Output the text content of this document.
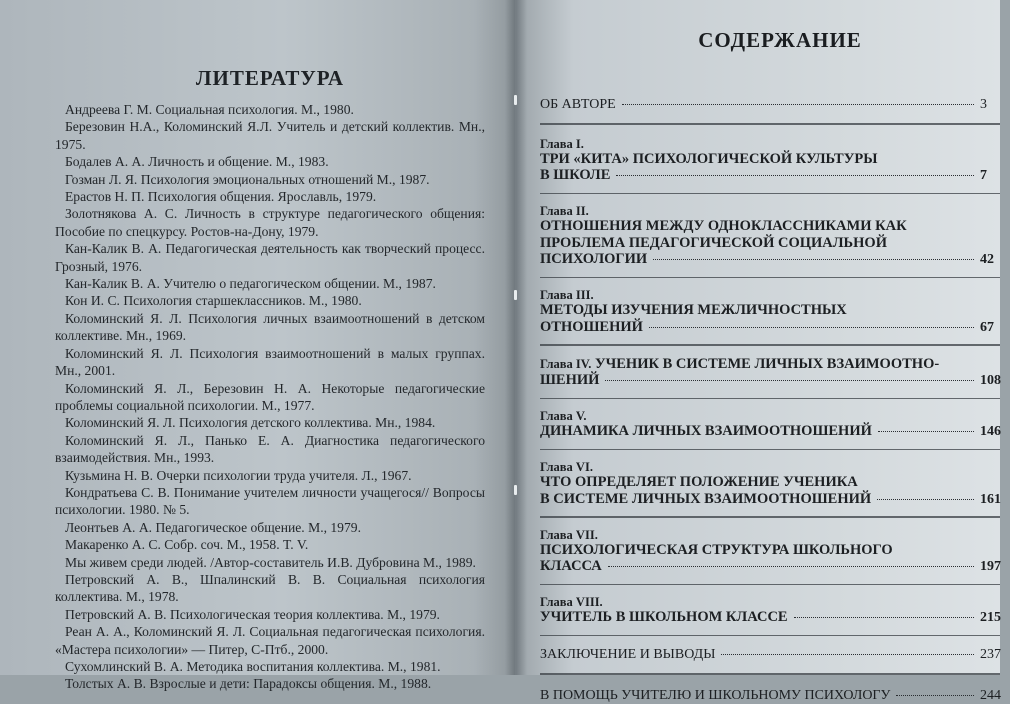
ЛИТЕРАТУРА

Андреева Г. М. Социальная психология. М., 1980.

Березовин Н.А., Коломинский Я.Л. Учитель и детский коллектив. Мн., 1975.

Бодалев А. А. Личность и общение. М., 1983.

Гозман Л. Я. Психология эмоциональных отношений М., 1987.

Ерастов Н. П. Психология общения. Ярославль, 1979.

Золотнякова А. С. Личность в структуре педагогического общения: Пособие по спецкурсу. Ростов-на-Дону, 1979.

Кан-Калик В. А. Педагогическая деятельность как творческий процесс. Грозный, 1976.

Кан-Калик В. А. Учителю о педагогическом общении. М., 1987.

Кон И. С. Психология старшеклассников. М., 1980.

Коломинский Я. Л. Психология личных взаимоотношений в детском коллективе. Мн., 1969.

Коломинский Я. Л. Психология взаимоотношений в малых группах. Мн., 2001.

Коломинский Я. Л., Березовин Н. А. Некоторые педагогические проблемы социальной психологии. М., 1977.

Коломинский Я. Л. Психология детского коллектива. Мн., 1984.

Коломинский Я. Л., Панько Е. А. Диагностика педагогического взаимодействия. Мн., 1993.

Кузьмина Н. В. Очерки психологии труда учителя. Л., 1967.

Кондратьева С. В. Понимание учителем личности учащегося// Вопросы психологии. 1980. № 5.

Леонтьев А. А. Педагогическое общение. М., 1979.

Макаренко А. С. Собр. соч. М., 1958. T. V.

Мы живем среди людей. /Автор-составитель И.В. Дубровина М., 1989.

Петровский А. В., Шпалинский В. В. Социальная психология коллектива. М., 1978.

Петровский А. В. Психологическая теория коллектива. М., 1979.

Реан А. А., Коломинский Я. Л. Социальная педагогическая психология. «Мастера психологии» — Питер, С-Птб., 2000.

Сухомлинский В. А. Методика воспитания коллектива. М., 1981.

Толстых А. В. Взрослые и дети: Парадоксы общения. М., 1988.

СОДЕРЖАНИЕ
ОБ АВТОРЕ	3
Глава I.
ТРИ «КИТА» ПСИХОЛОГИЧЕСКОЙ КУЛЬТУРЫ
В ШКОЛЕ	7
Глава II.
ОТНОШЕНИЯ МЕЖДУ ОДНОКЛАССНИКАМИ КАК
ПРОБЛЕМА ПЕДАГОГИЧЕСКОЙ СОЦИАЛЬНОЙ
ПСИХОЛОГИИ	42
Глава III.
МЕТОДЫ ИЗУЧЕНИЯ МЕЖЛИЧНОСТНЫХ
ОТНОШЕНИЙ	67
Глава IV. УЧЕНИК В СИСТЕМЕ ЛИЧНЫХ ВЗАИМООТНО-
ШЕНИЙ	108
Глава V.
ДИНАМИКА ЛИЧНЫХ ВЗАИМООТНОШЕНИЙ	146
Глава VI.
ЧТО ОПРЕДЕЛЯЕТ ПОЛОЖЕНИЕ УЧЕНИКА
В СИСТЕМЕ ЛИЧНЫХ ВЗАИМООТНОШЕНИЙ	161
Глава VII.
ПСИХОЛОГИЧЕСКАЯ СТРУКТУРА ШКОЛЬНОГО
КЛАССА	197
Глава VIII.
УЧИТЕЛЬ В ШКОЛЬНОМ КЛАССЕ	215
ЗАКЛЮЧЕНИЕ И ВЫВОДЫ	237
В ПОМОЩЬ УЧИТЕЛЮ И ШКОЛЬНОМУ ПСИХОЛОГУ	244
